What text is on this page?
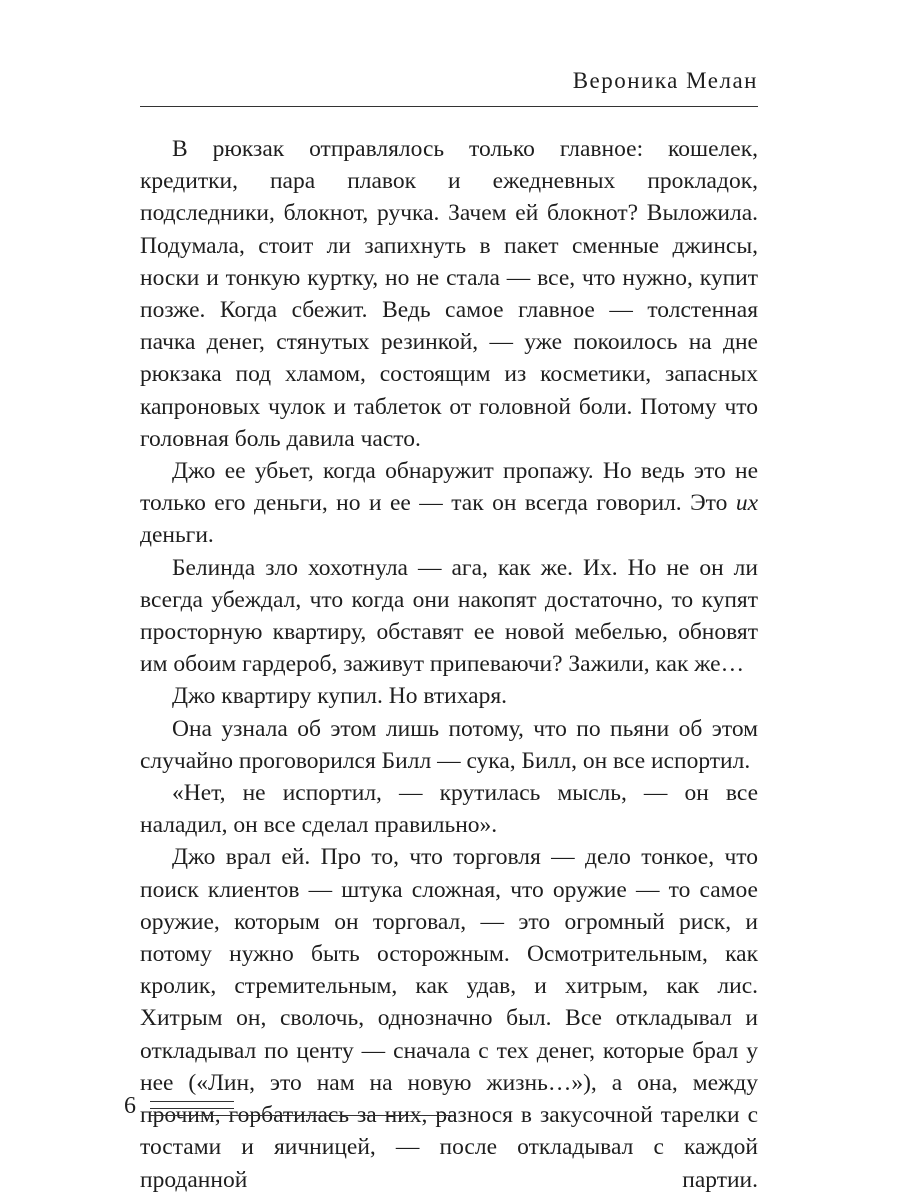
Вероника Мелан

В рюкзак отправлялось только главное: кошелек, кредитки, пара плавок и ежедневных прокладок, подследники, блокнот, ручка. Зачем ей блокнот? Выложила. Подумала, стоит ли запихнуть в пакет сменные джинсы, носки и тонкую куртку, но не стала — все, что нужно, купит позже. Когда сбежит. Ведь самое главное — толстенная пачка денег, стянутых резинкой, — уже покоилось на дне рюкзака под хламом, состоящим из косметики, запасных капроновых чулок и таблеток от головной боли. Потому что головная боль давила часто.

Джо ее убьет, когда обнаружит пропажу. Но ведь это не только его деньги, но и ее — так он всегда говорил. Это их деньги.

Белинда зло хохотнула — ага, как же. Их. Но не он ли всегда убеждал, что когда они накопят достаточно, то купят просторную квартиру, обставят ее новой мебелью, обновят им обоим гардероб, заживут припеваючи? Зажили, как же…

Джо квартиру купил. Но втихаря.

Она узнала об этом лишь потому, что по пьяни об этом случайно проговорился Билл — сука, Билл, он все испортил.

«Нет, не испортил, — крутилась мысль, — он все наладил, он все сделал правильно».

Джо врал ей. Про то, что торговля — дело тонкое, что поиск клиентов — штука сложная, что оружие — то самое оружие, которым он торговал, — это огромный риск, и потому нужно быть осторожным. Осмотрительным, как кролик, стремительным, как удав, и хитрым, как лис. Хитрым он, сволочь, однозначно был. Все откладывал и откладывал по центу — сначала с тех денег, которые брал у нее («Лин, это нам на новую жизнь…»), а она, между прочим, горбатилась за них, разнося в закусочной тарелки с тостами и яичницей, — после откладывал с каждой проданной партии.

6
